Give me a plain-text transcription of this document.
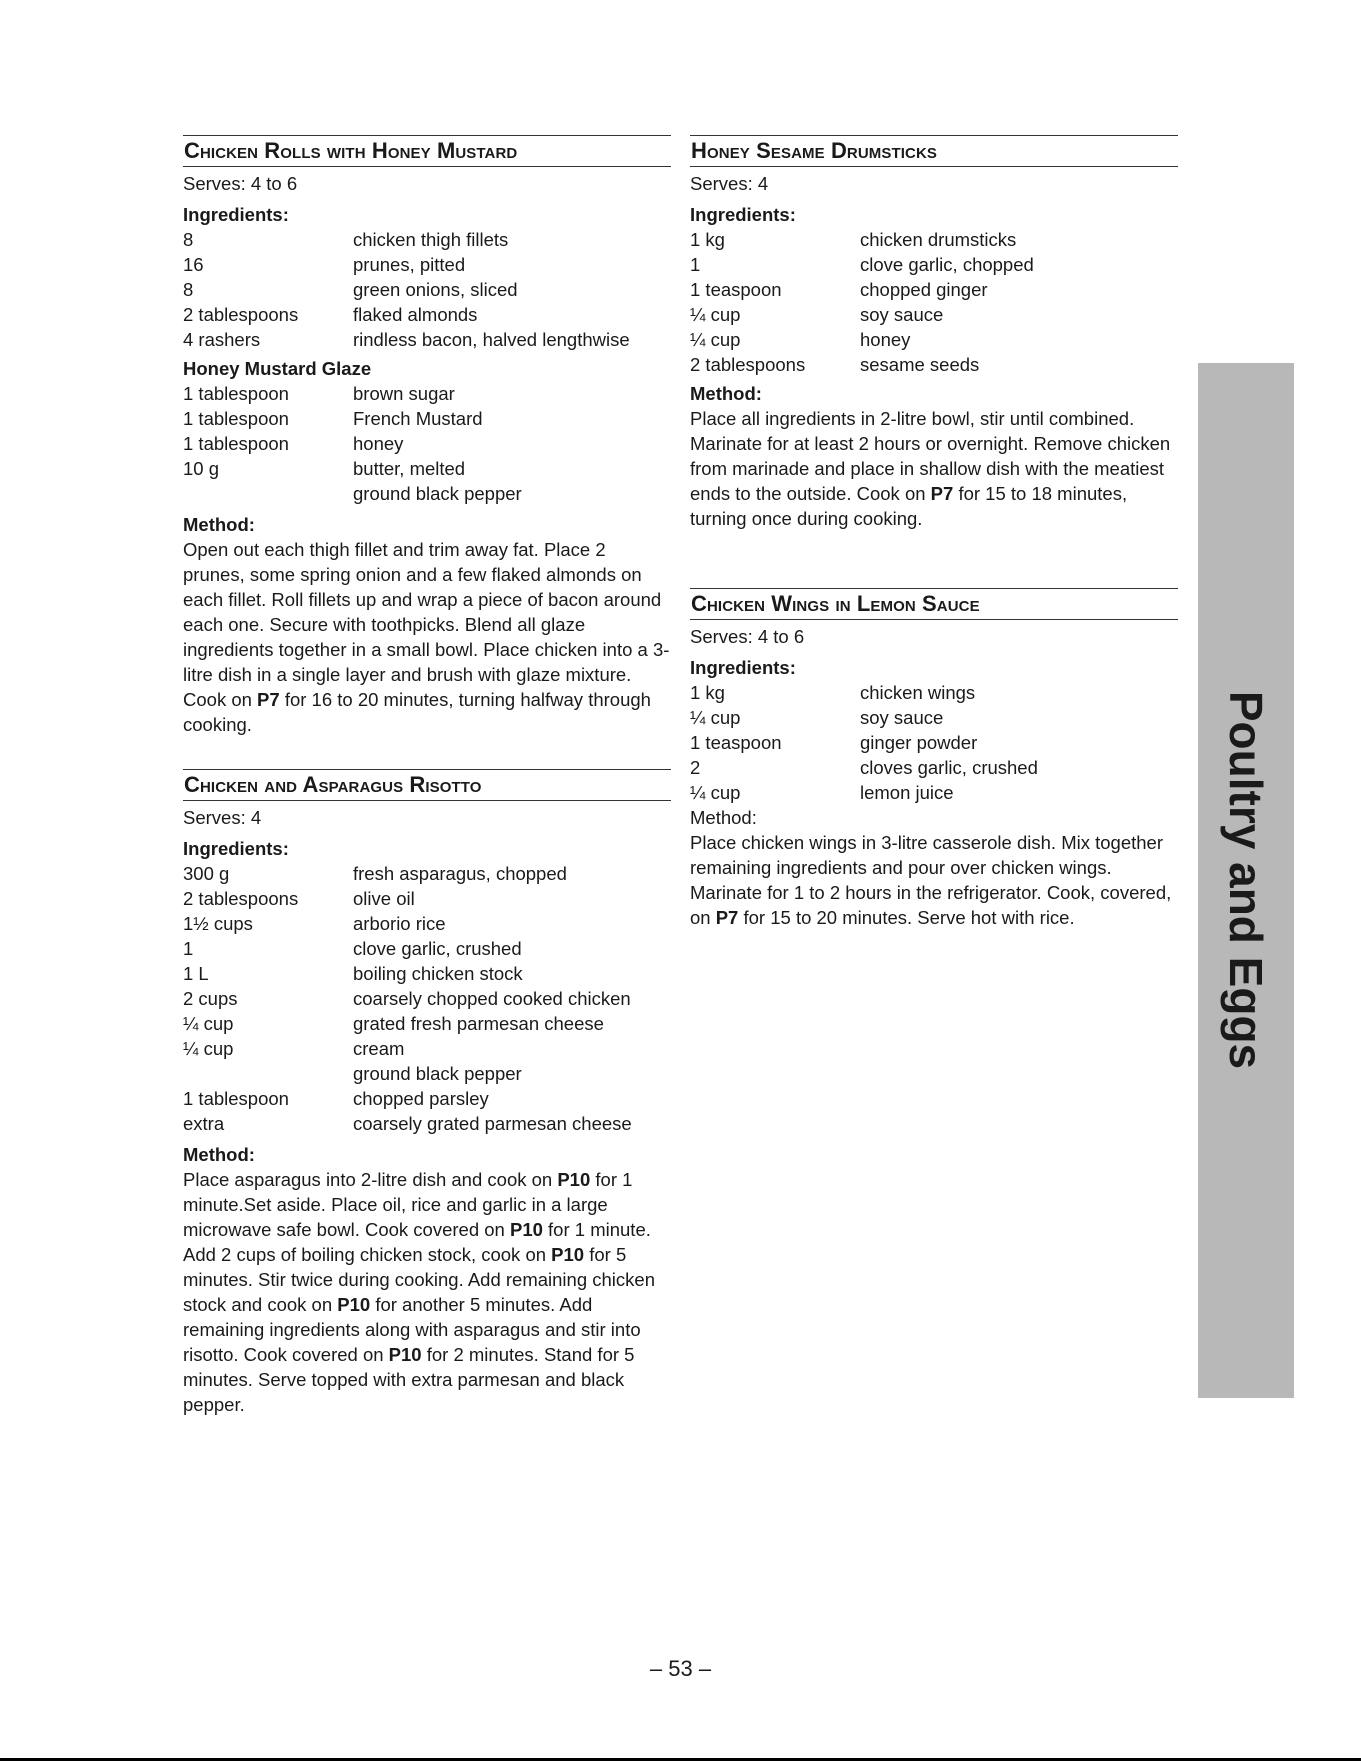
Chicken Rolls with Honey Mustard
Serves: 4 to 6
Ingredients:
8	chicken thigh fillets
16	prunes, pitted
8	green onions, sliced
2 tablespoons	flaked almonds
4 rashers	rindless bacon, halved lengthwise
Honey Mustard Glaze
1 tablespoon	brown sugar
1 tablespoon	French Mustard
1 tablespoon	honey
10 g	butter, melted
ground black pepper
Method:
Open out each thigh fillet and trim away fat. Place 2 prunes, some spring onion and a few flaked almonds on each fillet. Roll fillets up and wrap a piece of bacon around each one. Secure with toothpicks. Blend all glaze ingredients together in a small bowl. Place chicken into a 3-litre dish in a single layer and brush with glaze mixture. Cook on P7 for 16 to 20 minutes, turning halfway through cooking.
Chicken and Asparagus Risotto
Serves: 4
Ingredients:
300 g	fresh asparagus, chopped
2 tablespoons	olive oil
1½ cups	arborio rice
1	clove garlic, crushed
1 L	boiling chicken stock
2 cups	coarsely chopped cooked chicken
¼ cup	grated fresh parmesan cheese
¼ cup	cream
ground black pepper
1 tablespoon	chopped parsley
extra	coarsely grated parmesan cheese
Method:
Place asparagus into 2-litre dish and cook on P10 for 1 minute.Set aside. Place oil, rice and garlic in a large microwave safe bowl. Cook covered on P10 for 1 minute. Add 2 cups of boiling chicken stock, cook on P10 for 5 minutes. Stir twice during cooking. Add remaining chicken stock and cook on P10 for another 5 minutes. Add remaining ingredients along with asparagus and stir into risotto. Cook covered on P10 for 2 minutes. Stand for 5 minutes. Serve topped with extra parmesan and black pepper.
Honey Sesame Drumsticks
Serves: 4
Ingredients:
1 kg	chicken drumsticks
1	clove garlic, chopped
1 teaspoon	chopped ginger
¼ cup	soy sauce
¼ cup	honey
2 tablespoons	sesame seeds
Method:
Place all ingredients in 2-litre bowl, stir until combined. Marinate for at least 2 hours or overnight. Remove chicken from marinade and place in shallow dish with the meatiest ends to the outside. Cook on P7 for 15 to 18 minutes, turning once during cooking.
Chicken Wings in Lemon Sauce
Serves: 4 to 6
Ingredients:
1 kg	chicken wings
¼ cup	soy sauce
1 teaspoon	ginger powder
2	cloves garlic, crushed
¼ cup	lemon juice
Method:
Place chicken wings in 3-litre casserole dish. Mix together remaining ingredients and pour over chicken wings. Marinate for 1 to 2 hours in the refrigerator. Cook, covered, on P7 for 15 to 20 minutes. Serve hot with rice.	Poultry and Eggs
– 53 –
